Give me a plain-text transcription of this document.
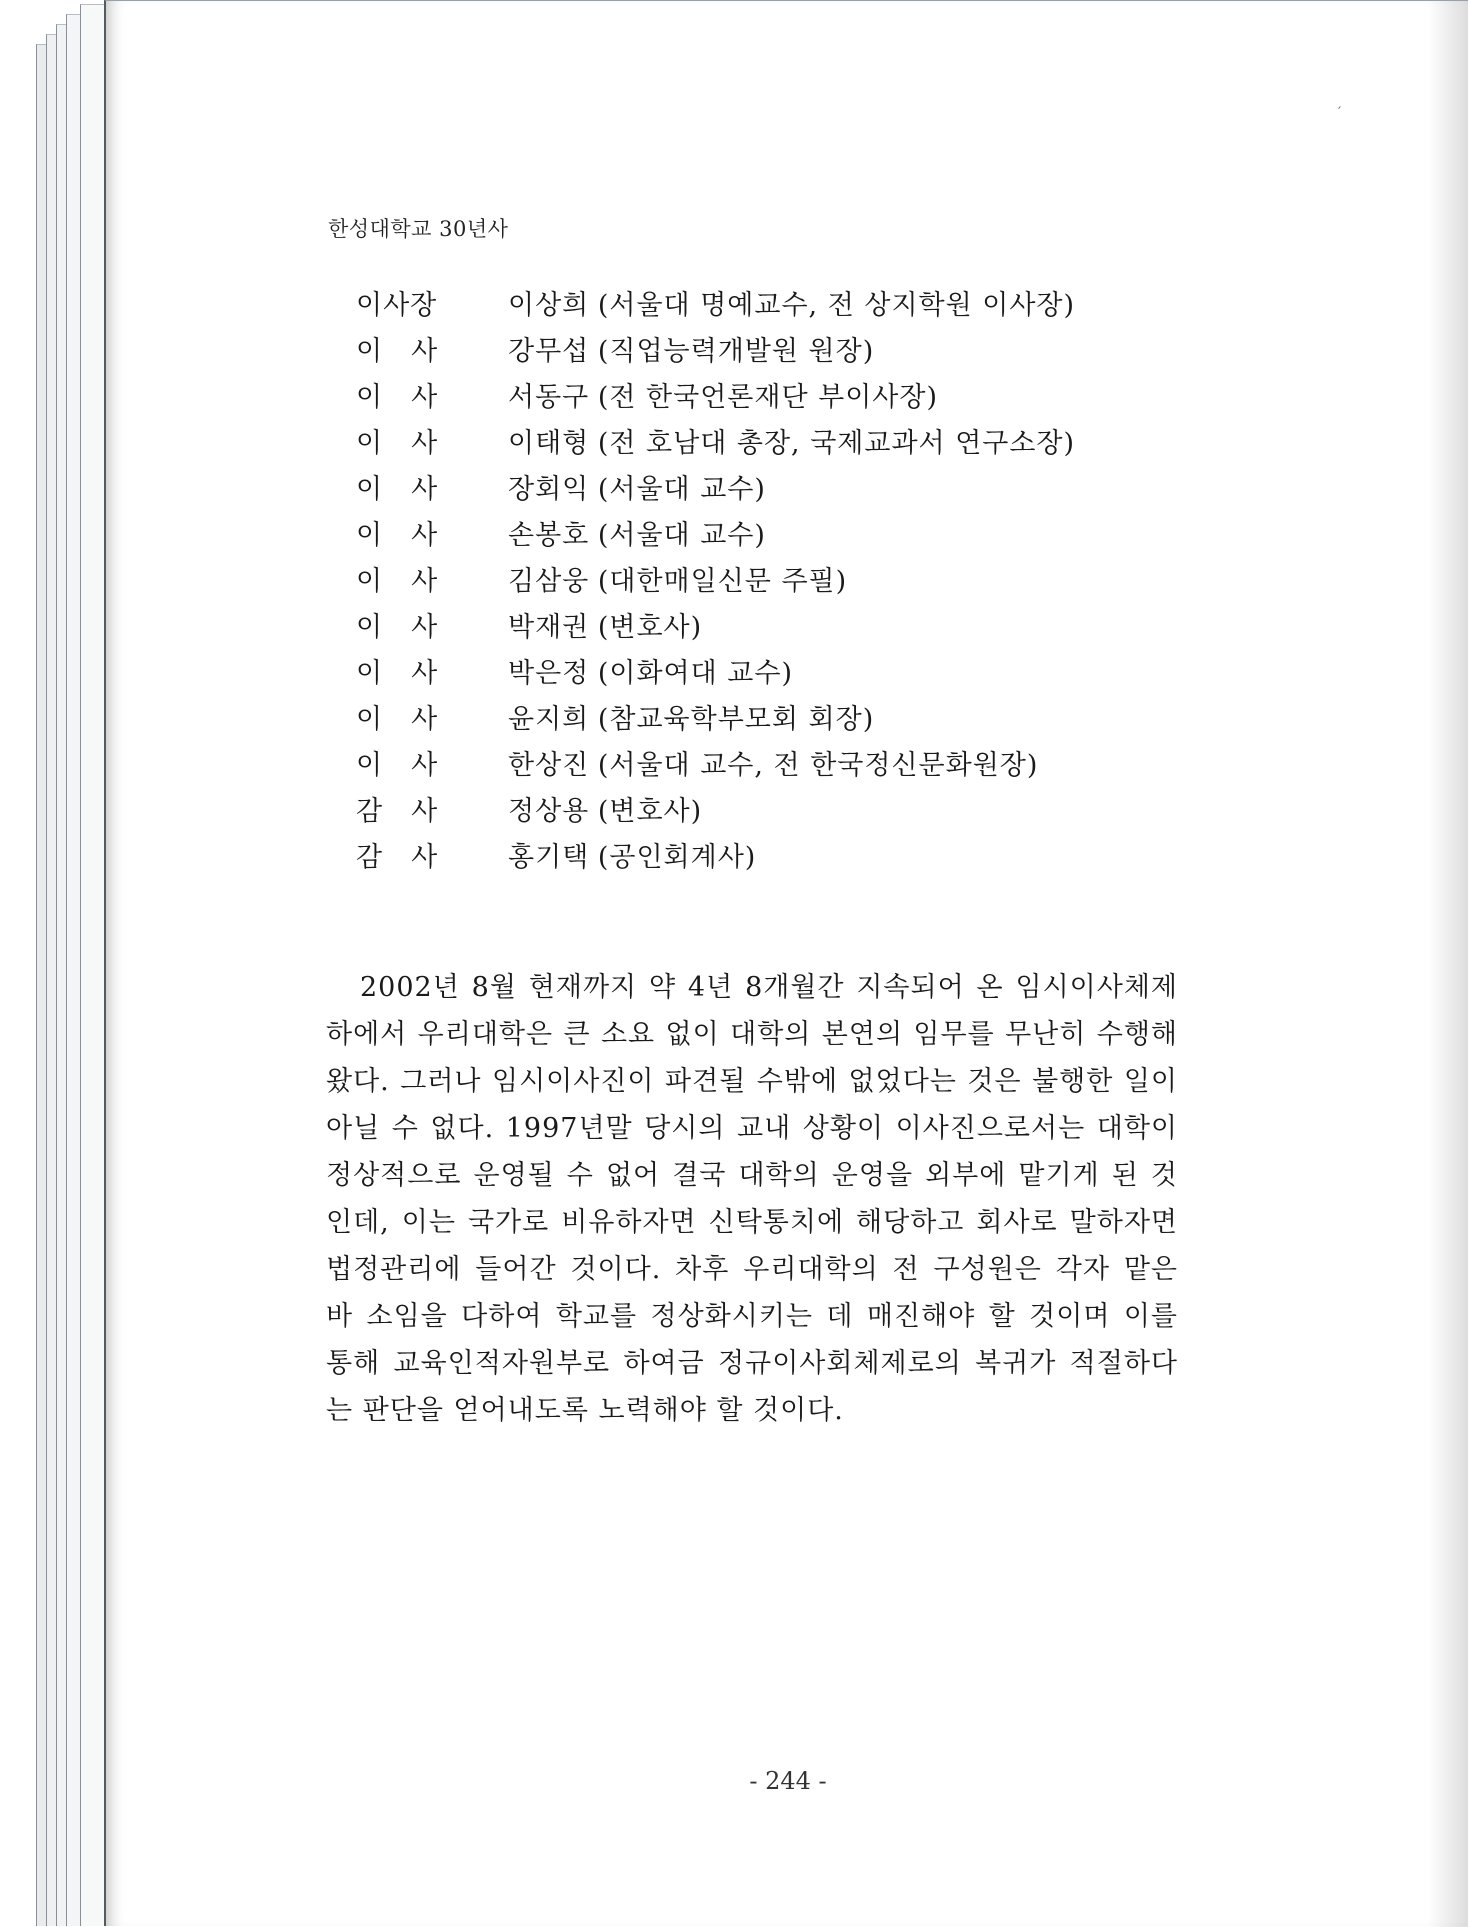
′
한성대학교 30년사
이사장	이상희 (서울대 명예교수, 전 상지학원 이사장)
이　사	강무섭 (직업능력개발원 원장)
이　사	서동구 (전 한국언론재단 부이사장)
이　사	이태형 (전 호남대 총장, 국제교과서 연구소장)
이　사	장회익 (서울대 교수)
이　사	손봉호 (서울대 교수)
이　사	김삼웅 (대한매일신문 주필)
이　사	박재권 (변호사)
이　사	박은정 (이화여대 교수)
이　사	윤지희 (참교육학부모회 회장)
이　사	한상진 (서울대 교수, 전 한국정신문화원장)
감　사	정상용 (변호사)
감　사	홍기택 (공인회계사)

2002년 8월 현재까지 약 4년 8개월간 지속되어 온 임시이사체제하에서 우리대학은 큰 소요 없이 대학의 본연의 임무를 무난히 수행해 왔다. 그러나 임시이사진이 파견될 수밖에 없었다는 것은 불행한 일이 아닐 수 없다. 1997년말 당시의 교내 상황이 이사진으로서는 대학이 정상적으로 운영될 수 없어 결국 대학의 운영을 외부에 맡기게 된 것인데, 이는 국가로 비유하자면 신탁통치에 해당하고 회사로 말하자면 법정관리에 들어간 것이다. 차후 우리대학의 전 구성원은 각자 맡은 바 소임을 다하여 학교를 정상화시키는 데 매진해야 할 것이며 이를 통해 교육인적자원부로 하여금 정규이사회체제로의 복귀가 적절하다는 판단을 얻어내도록 노력해야 할 것이다.

- 244 -
